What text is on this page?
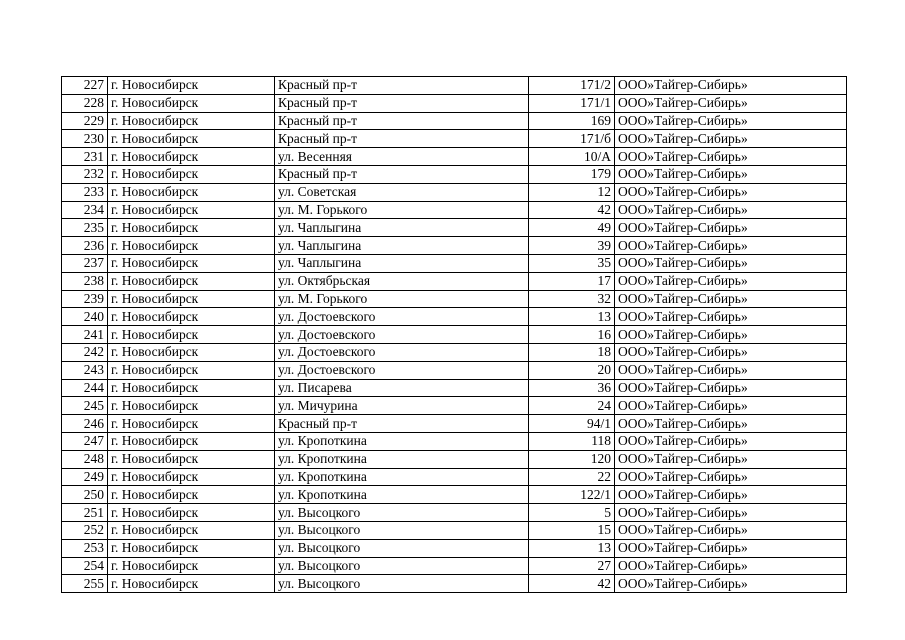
227	г. Новосибирск	Красный пр-т	171/2	ООО»Тайгер-Сибирь»
228	г. Новосибирск	Красный пр-т	171/1	ООО»Тайгер-Сибирь»
229	г. Новосибирск	Красный пр-т	169	ООО»Тайгер-Сибирь»
230	г. Новосибирск	Красный пр-т	171/б	ООО»Тайгер-Сибирь»
231	г. Новосибирск	ул. Весенняя	10/А	ООО»Тайгер-Сибирь»
232	г. Новосибирск	Красный пр-т	179	ООО»Тайгер-Сибирь»
233	г. Новосибирск	ул. Советская	12	ООО»Тайгер-Сибирь»
234	г. Новосибирск	ул. М. Горького	42	ООО»Тайгер-Сибирь»
235	г. Новосибирск	ул. Чаплыгина	49	ООО»Тайгер-Сибирь»
236	г. Новосибирск	ул. Чаплыгина	39	ООО»Тайгер-Сибирь»
237	г. Новосибирск	ул. Чаплыгина	35	ООО»Тайгер-Сибирь»
238	г. Новосибирск	ул. Октябрьская	17	ООО»Тайгер-Сибирь»
239	г. Новосибирск	ул. М. Горького	32	ООО»Тайгер-Сибирь»
240	г. Новосибирск	ул. Достоевского	13	ООО»Тайгер-Сибирь»
241	г. Новосибирск	ул. Достоевского	16	ООО»Тайгер-Сибирь»
242	г. Новосибирск	ул. Достоевского	18	ООО»Тайгер-Сибирь»
243	г. Новосибирск	ул. Достоевского	20	ООО»Тайгер-Сибирь»
244	г. Новосибирск	ул. Писарева	36	ООО»Тайгер-Сибирь»
245	г. Новосибирск	ул. Мичурина	24	ООО»Тайгер-Сибирь»
246	г. Новосибирск	Красный пр-т	94/1	ООО»Тайгер-Сибирь»
247	г. Новосибирск	ул. Кропоткина	118	ООО»Тайгер-Сибирь»
248	г. Новосибирск	ул. Кропоткина	120	ООО»Тайгер-Сибирь»
249	г. Новосибирск	ул. Кропоткина	22	ООО»Тайгер-Сибирь»
250	г. Новосибирск	ул. Кропоткина	122/1	ООО»Тайгер-Сибирь»
251	г. Новосибирск	ул. Высоцкого	5	ООО»Тайгер-Сибирь»
252	г. Новосибирск	ул. Высоцкого	15	ООО»Тайгер-Сибирь»
253	г. Новосибирск	ул. Высоцкого	13	ООО»Тайгер-Сибирь»
254	г. Новосибирск	ул. Высоцкого	27	ООО»Тайгер-Сибирь»
255	г. Новосибирск	ул. Высоцкого	42	ООО»Тайгер-Сибирь»
